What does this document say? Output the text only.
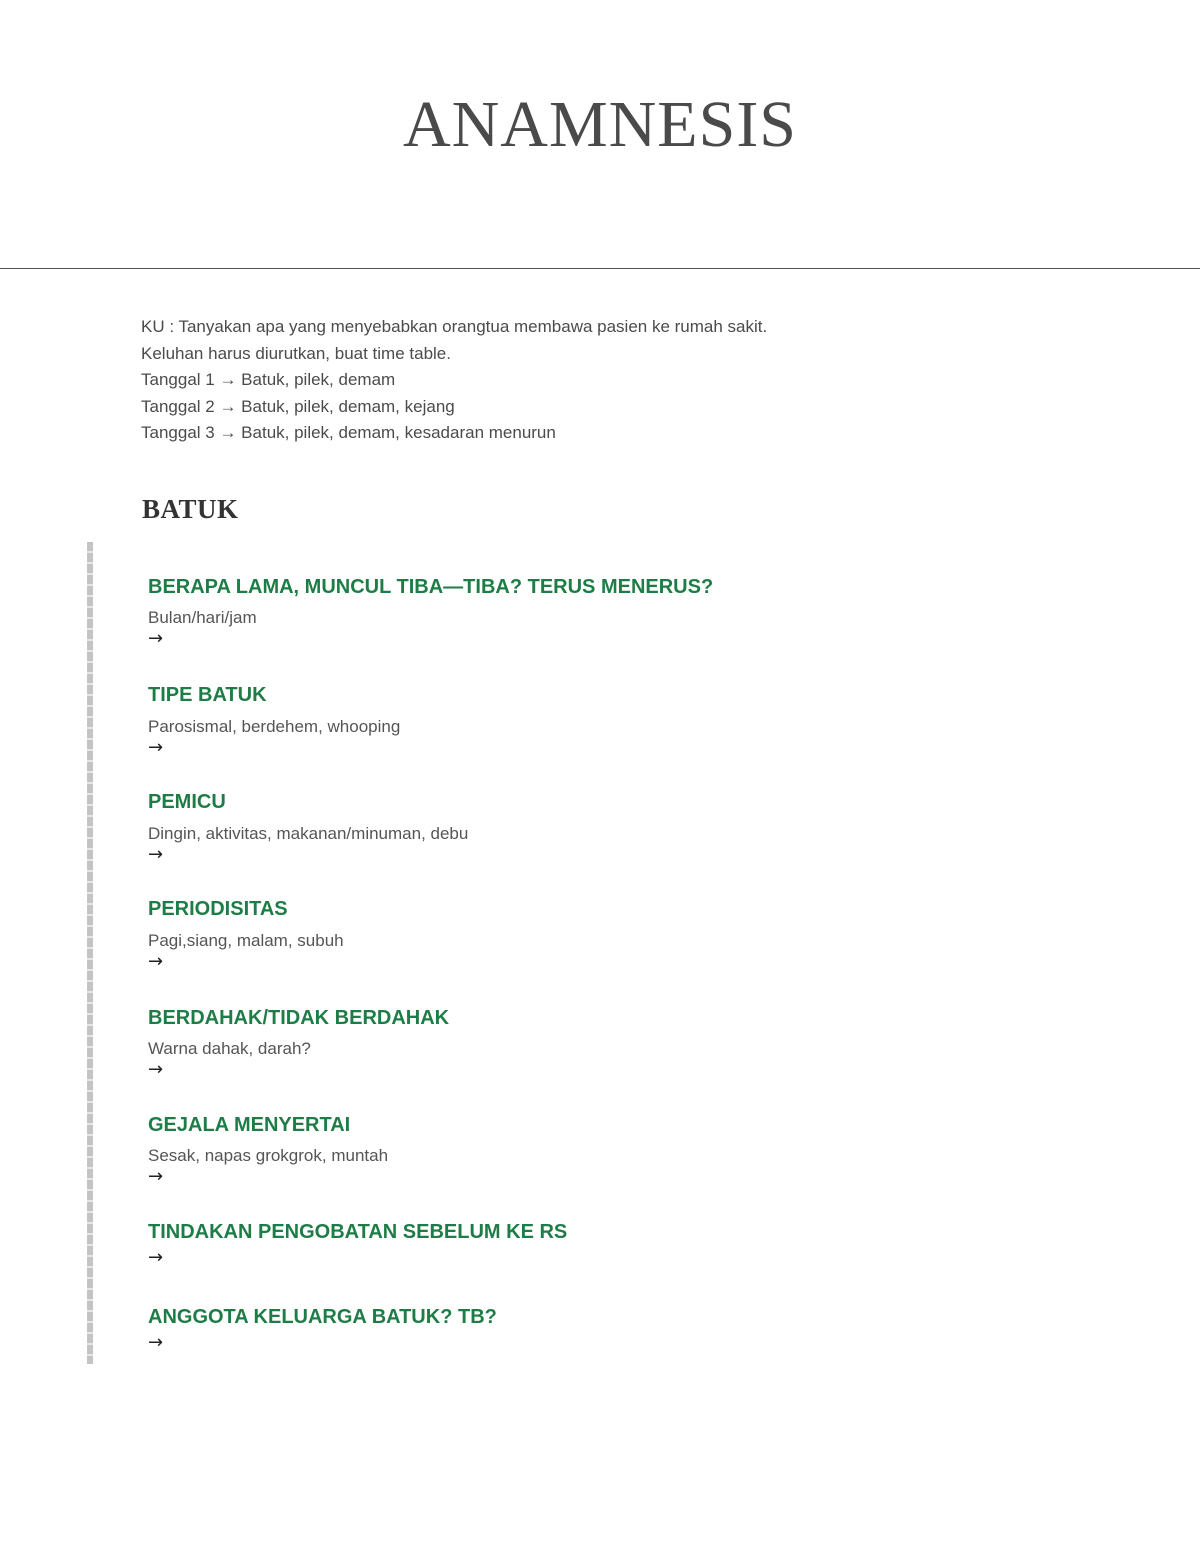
ANAMNESIS
KU : Tanyakan apa yang menyebabkan orangtua membawa pasien ke rumah sakit.
Keluhan harus diurutkan, buat time table.
Tanggal 1 → Batuk, pilek, demam
Tanggal 2 → Batuk, pilek, demam, kejang
Tanggal 3 → Batuk, pilek, demam, kesadaran menurun
BATUK
BERAPA LAMA, MUNCUL TIBA—TIBA? TERUS MENERUS?
Bulan/hari/jam
→
TIPE BATUK
Parosismal, berdehem, whooping
→
PEMICU
Dingin, aktivitas, makanan/minuman, debu
→
PERIODISITAS
Pagi,siang, malam, subuh
→
BERDAHAK/TIDAK BERDAHAK
Warna dahak, darah?
→
GEJALA MENYERTAI
Sesak, napas grokgrok, muntah
→
TINDAKAN PENGOBATAN SEBELUM KE RS
→
ANGGOTA KELUARGA BATUK? TB?
→
